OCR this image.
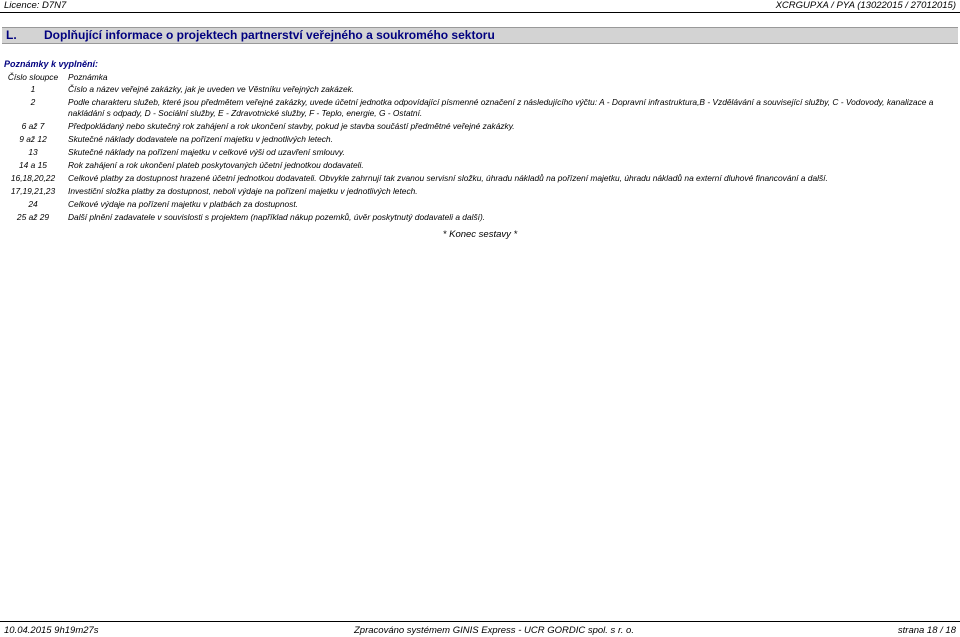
Licence: D7N7	XCRGUPXA / PYA (13022015 / 27012015)
L. Doplňující informace o projektech partnerství veřejného a soukromého sektoru
Poznámky k vyplnění:
Číslo sloupce	Poznámka
1	Číslo a název veřejné zakázky, jak je uveden ve Věstníku veřejných zakázek.
2	Podle charakteru služeb, které jsou předmětem veřejné zakázky, uvede účetní jednotka odpovídající písmenné označení z následujícího výčtu: A - Dopravní infrastruktura,B - Vzdělávání a související služby, C - Vodovody, kanalizace a nakládání s odpady, D - Sociální služby, E - Zdravotnické služby, F - Teplo, energie, G - Ostatní.
6 až 7	Předpokládaný nebo skutečný rok zahájení a rok ukončení stavby, pokud je stavba součástí předmětné veřejné zakázky.
9 až 12	Skutečné náklady dodavatele na pořízení majetku v jednotlivých letech.
13	Skutečné náklady na pořízení majetku v celkové výši od uzavření smlouvy.
14 a 15	Rok zahájení a rok ukončení plateb poskytovaných účetní jednotkou dodavateli.
16,18,20,22	Celkové platby za dostupnost hrazené účetní jednotkou dodavateli. Obvykle zahrnují tak zvanou servisní složku, úhradu nákladů na pořízení majetku, úhradu nákladů na externí dluhové financování a další.
17,19,21,23	Investiční složka platby za dostupnost, neboli výdaje na pořízení majetku v jednotlivých letech.
24	Celkové výdaje na pořízení majetku v platbách za dostupnost.
25 až 29	Další plnění zadavatele v souvislosti s projektem (například nákup pozemků, úvěr poskytnutý dodavateli a další).
* Konec sestavy *
10.04.2015 9h19m27s	Zpracováno systémem GINIS Express - UCR GORDIC spol. s r. o.	strana 18 / 18
